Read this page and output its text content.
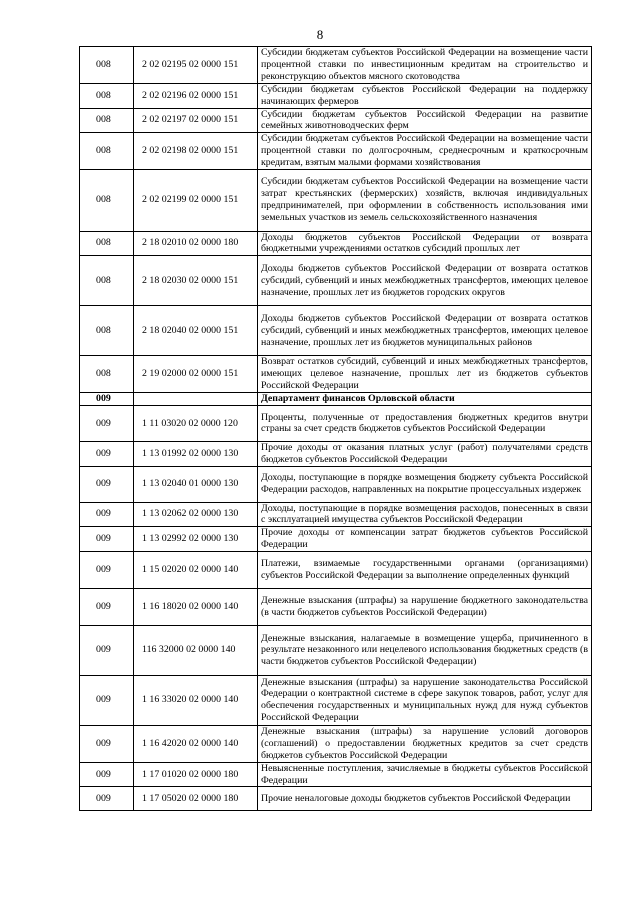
8
008	2 02 02195 02 0000 151	Субсидии бюджетам субъектов Российской Федерации на возмещение части процентной ставки по инвестиционным кредитам на строительство и реконструкцию объектов мясного скотоводства
008	2 02 02196 02 0000 151	Субсидии бюджетам субъектов Российской Федерации на поддержку начинающих фермеров
008	2 02 02197 02 0000 151	Субсидии бюджетам субъектов Российской Федерации на развитие семейных животноводческих ферм
008	2 02 02198 02 0000 151	Субсидии бюджетам субъектов Российской Федерации на возмещение части процентной ставки по долгосрочным, среднесрочным и краткосрочным кредитам, взятым малыми формами хозяйствования
008	2 02 02199 02 0000 151	Субсидии бюджетам субъектов Российской Федерации на возмещение части затрат крестьянских (фермерских) хозяйств, включая индивидуальных предпринимателей, при оформлении в собственность использования ими земельных участков из земель сельскохозяйственного назначения
008	2 18 02010 02 0000 180	Доходы бюджетов субъектов Российской Федерации от возврата бюджетными учреждениями остатков субсидий прошлых лет
008	2 18 02030 02 0000 151	Доходы бюджетов субъектов Российской Федерации от возврата остатков субсидий, субвенций и иных межбюджетных трансфертов, имеющих целевое назначение, прошлых лет из бюджетов городских округов
008	2 18 02040 02 0000 151	Доходы бюджетов субъектов Российской Федерации от возврата остатков субсидий, субвенций и иных межбюджетных трансфертов, имеющих целевое назначение, прошлых лет из бюджетов муниципальных районов
008	2 19 02000 02 0000 151	Возврат остатков субсидий, субвенций и иных межбюджетных трансфертов, имеющих целевое назначение, прошлых лет из бюджетов субъектов Российской Федерации
009		Департамент финансов Орловской области
009	1 11 03020 02 0000 120	Проценты, полученные от предоставления бюджетных кредитов внутри страны за счет средств бюджетов субъектов Российской Федерации
009	1 13 01992 02 0000 130	Прочие доходы от оказания платных услуг (работ) получателями средств бюджетов субъектов Российской Федерации
009	1 13 02040 01 0000 130	Доходы, поступающие в порядке возмещения бюджету субъекта Российской Федерации расходов, направленных на покрытие процессуальных издержек
009	1 13 02062 02 0000 130	Доходы, поступающие в порядке возмещения расходов, понесенных в связи с эксплуатацией имущества субъектов Российской Федерации
009	1 13 02992 02 0000 130	Прочие доходы от компенсации затрат бюджетов субъектов Российской Федерации
009	1 15 02020 02 0000 140	Платежи, взимаемые государственными органами (организациями) субъектов Российской Федерации за выполнение определенных функций
009	1 16 18020 02 0000 140	Денежные взыскания (штрафы) за нарушение бюджетного законодательства (в части бюджетов субъектов Российской Федерации)
009	116 32000 02 0000 140	Денежные взыскания, налагаемые в возмещение ущерба, причиненного в результате незаконного или нецелевого использования бюджетных средств (в части бюджетов субъектов Российской Федерации)
009	1 16 33020 02 0000 140	Денежные взыскания (штрафы) за нарушение законодательства Российской Федерации о контрактной системе в сфере закупок товаров, работ, услуг для обеспечения государственных и муниципальных нужд для нужд субъектов Российской Федерации
009	1 16 42020 02 0000 140	Денежные взыскания (штрафы) за нарушение условий договоров (соглашений) о предоставлении бюджетных кредитов за счет средств бюджетов субъектов Российской Федерации
009	1 17 01020 02 0000 180	Невыясненные поступления, зачисляемые в бюджеты субъектов Российской Федерации
009	1 17 05020 02 0000 180	Прочие неналоговые доходы бюджетов субъектов Российской Федерации
